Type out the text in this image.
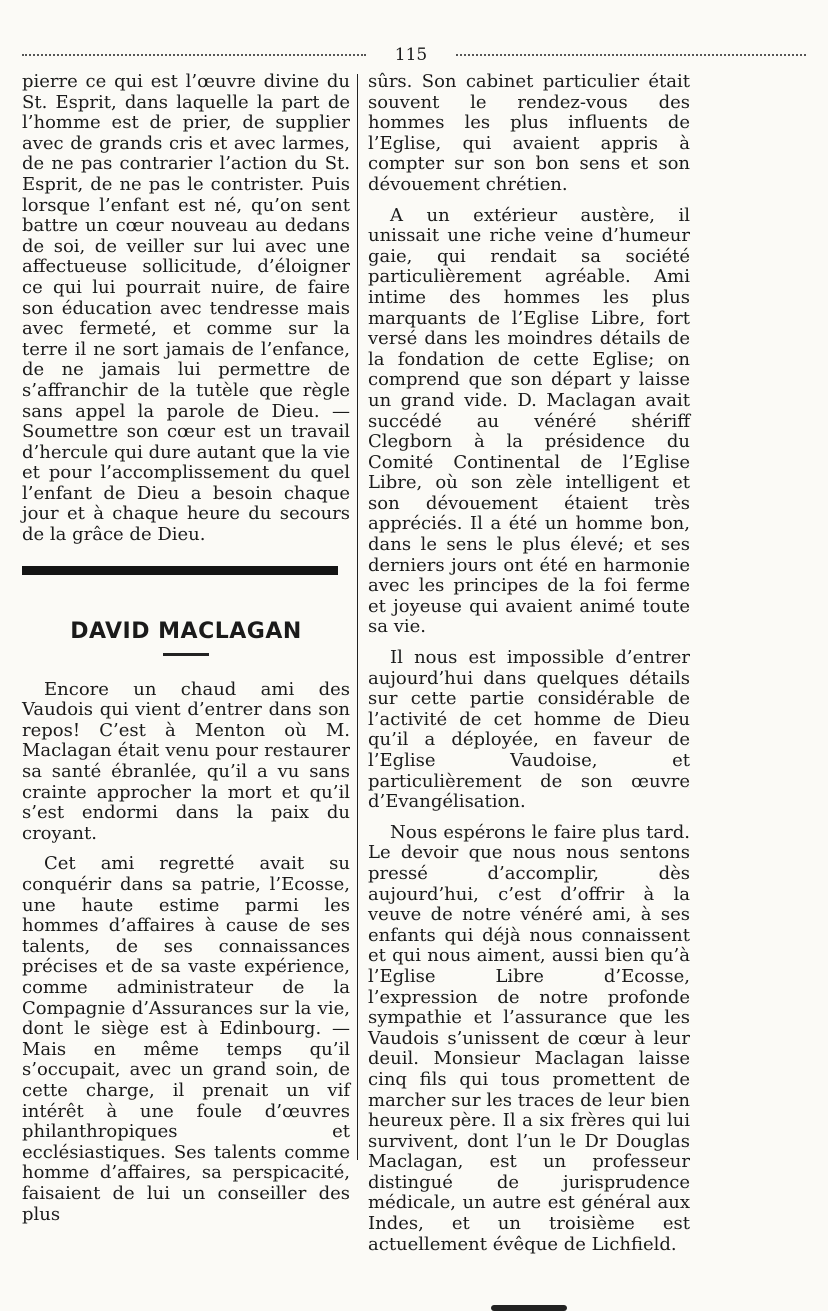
115

pierre ce qui est l’œuvre divine du St. Esprit, dans laquelle la part de l’homme est de prier, de supplier avec de grands cris et avec larmes, de ne pas contrarier l’action du St. Esprit, de ne pas le contrister. Puis lorsque l’enfant est né, qu’on sent battre un cœur nouveau au dedans de soi, de veiller sur lui avec une affectueuse sollicitude, d’éloigner ce qui lui pourrait nuire, de faire son éducation avec tendresse mais avec fermeté, et comme sur la terre il ne sort jamais de l’enfance, de ne jamais lui permettre de s’affranchir de la tutèle que règle sans appel la parole de Dieu. — Soumettre son cœur est un travail d’hercule qui dure autant que la vie et pour l’accomplissement du quel l’enfant de Dieu a besoin chaque jour et à chaque heure du secours de la grâce de Dieu.

DAVID MACLAGAN

Encore un chaud ami des Vaudois qui vient d’entrer dans son repos! C’est à Menton où M. Maclagan était venu pour restaurer sa santé ébranlée, qu’il a vu sans crainte approcher la mort et qu’il s’est endormi dans la paix du croyant.

Cet ami regretté avait su conquérir dans sa patrie, l’Ecosse, une haute estime parmi les hommes d’affaires à cause de ses talents, de ses connaissances précises et de sa vaste expérience, comme administrateur de la Compagnie d’Assurances sur la vie, dont le siège est à Edinbourg. — Mais en même temps qu’il s’occupait, avec un grand soin, de cette charge, il prenait un vif intérêt à une foule d’œuvres philanthropiques et ecclésiastiques. Ses talents comme homme d’affaires, sa perspicacité, faisaient de lui un conseiller des plus

sûrs. Son cabinet particulier était souvent le rendez-vous des hommes les plus influents de l’Eglise, qui avaient appris à compter sur son bon sens et son dévouement chrétien.

A un extérieur austère, il unissait une riche veine d’humeur gaie, qui rendait sa société particulièrement agréable. Ami intime des hommes les plus marquants de l’Eglise Libre, fort versé dans les moindres détails de la fondation de cette Eglise; on comprend que son départ y laisse un grand vide. D. Maclagan avait succédé au vénéré shériff Clegborn à la présidence du Comité Continental de l’Eglise Libre, où son zèle intelligent et son dévouement étaient très appréciés. Il a été un homme bon, dans le sens le plus élevé; et ses derniers jours ont été en harmonie avec les principes de la foi ferme et joyeuse qui avaient animé toute sa vie.

Il nous est impossible d’entrer aujourd’hui dans quelques détails sur cette partie considérable de l’activité de cet homme de Dieu qu’il a déployée, en faveur de l’Eglise Vaudoise, et particulièrement de son œuvre d’Evangélisation.

Nous espérons le faire plus tard. Le devoir que nous nous sentons pressé d’accomplir, dès aujourd’hui, c’est d’offrir à la veuve de notre vénéré ami, à ses enfants qui déjà nous connaissent et qui nous aiment, aussi bien qu’à l’Eglise Libre d’Ecosse, l’expression de notre profonde sympathie et l’assurance que les Vaudois s’unissent de cœur à leur deuil. Monsieur Maclagan laisse cinq fils qui tous promettent de marcher sur les traces de leur bien heureux père. Il a six frères qui lui survivent, dont l’un le Dr Douglas Maclagan, est un professeur distingué de jurisprudence médicale, un autre est général aux Indes, et un troisième est actuellement évêque de Lichfield.
